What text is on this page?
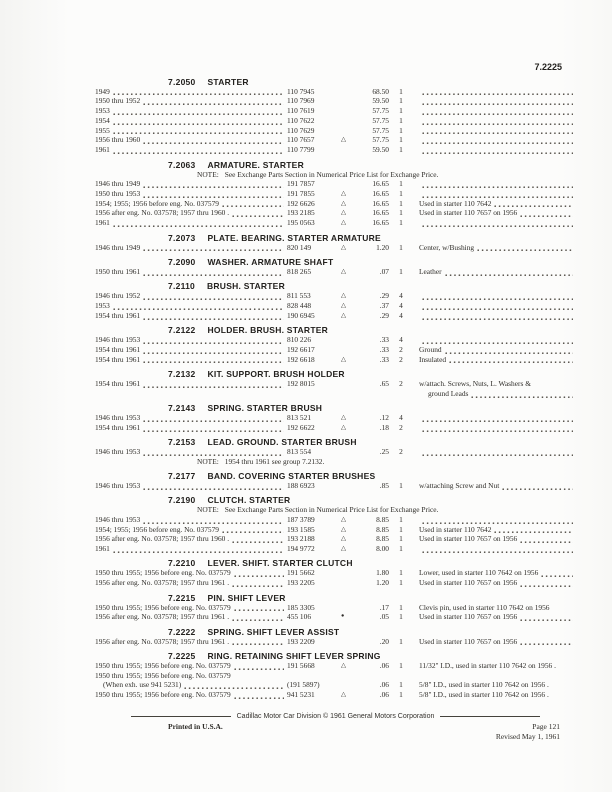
7.2225
7.2050 STARTER
1949	110 7945	68.50	1
1950 thru 1952	110 7969	59.50	1
1953	110 7619	57.75	1
1954	110 7622	57.75	1
1955	110 7629	57.75	1
1956 thru 1960	110 7657	△	57.75	1
1961	110 7799	59.50	1
7.2063 ARMATURE. STARTER
NOTE: See Exchange Parts Section in Numerical Price List for Exchange Price.
1946 thru 1949	191 7857	16.65	1
1950 thru 1953	191 7855	△	16.65	1
1954; 1955; 1956 before eng. No. 037579	192 6626	△	16.65	1	Used in starter 110 7642
1956 after eng. No. 037578; 1957 thru 1960 .	193 2185	△	16.65	1	Used in starter 110 7657 on 1956
1961	195 0563	△	16.65	1
7.2073 PLATE. BEARING. STARTER ARMATURE
1946 thru 1949	820 149	△	1.20	1	Center, w/Bushing
7.2090 WASHER. ARMATURE SHAFT
1950 thru 1961	818 265	△	.07	1	Leather
7.2110 BRUSH. STARTER
1946 thru 1952	811 553	△	.29	4
1953	828 448	△	.37	4
1954 thru 1961	190 6945	△	.29	4
7.2122 HOLDER. BRUSH. STARTER
1946 thru 1953	810 226	.33	4
1954 thru 1961	192 6617	.33	2	Ground
1954 thru 1961	192 6618	△	.33	2	Insulated
7.2132 KIT. SUPPORT. BRUSH HOLDER
1954 thru 1961	192 8015	.65	2	w/attach. Screws, Nuts, L. Washers &
ground Leads
7.2143 SPRING. STARTER BRUSH
1946 thru 1953	813 521	△	.12	4
1954 thru 1961	192 6622	△	.18	2
7.2153 LEAD. GROUND. STARTER BRUSH
1946 thru 1953	813 554	.25	2
NOTE: 1954 thru 1961 see group 7.2132.
7.2177 BAND. COVERING STARTER BRUSHES
1946 thru 1953	188 6923	.85	1	w/attaching Screw and Nut
7.2190 CLUTCH. STARTER
NOTE: See Exchange Parts Section in Numerical Price List for Exchange Price.
1946 thru 1953	187 3789	△	8.85	1
1954; 1955; 1956 before eng. No. 037579	193 1585	△	8.85	1	Used in starter 110 7642
1956 after eng. No. 037578; 1957 thru 1960 .	193 2188	△	8.85	1	Used in starter 110 7657 on 1956
1961	194 9772	△	8.00	1
7.2210 LEVER. SHIFT. STARTER CLUTCH
1950 thru 1955; 1956 before eng. No. 037579	191 5662	1.80	1	Lower, used in starter 110 7642 on 1956
1956 after eng. No. 037578; 1957 thru 1961 .	193 2205	1.20	1	Used in starter 110 7657 on 1956
7.2215 PIN. SHIFT LEVER
1950 thru 1955; 1956 before eng. No. 037579	185 3305	.17	1	Clevis pin, used in starter 110 7642 on 1956
1956 after eng. No. 037578; 1957 thru 1961 .	455 106	●	.05	1	Used in starter 110 7657 on 1956
7.2222 SPRING. SHIFT LEVER ASSIST
1956 after eng. No. 037578; 1957 thru 1961 .	193 2209	.20	1	Used in starter 110 7657 on 1956
7.2225 RING. RETAINING SHIFT LEVER SPRING
1950 thru 1955; 1956 before eng. No. 037579	191 5668	△	.06	1	11/32" I.D., used in starter 110 7642 on 1956 .
1950 thru 1955; 1956 before eng. No. 037579
(When exh. use 941 5231)	(191 5897)	.06	1	5/8" I.D., used in starter 110 7642 on 1956 .
1950 thru 1955; 1956 before eng. No. 037579	941 5231	△	.06	1	5/8" I.D., used in starter 110 7642 on 1956 .
Cadillac Motor Car Division © 1961 General Motors Corporation
Printed in U.S.A.	Page 121
Revised May 1, 1961
